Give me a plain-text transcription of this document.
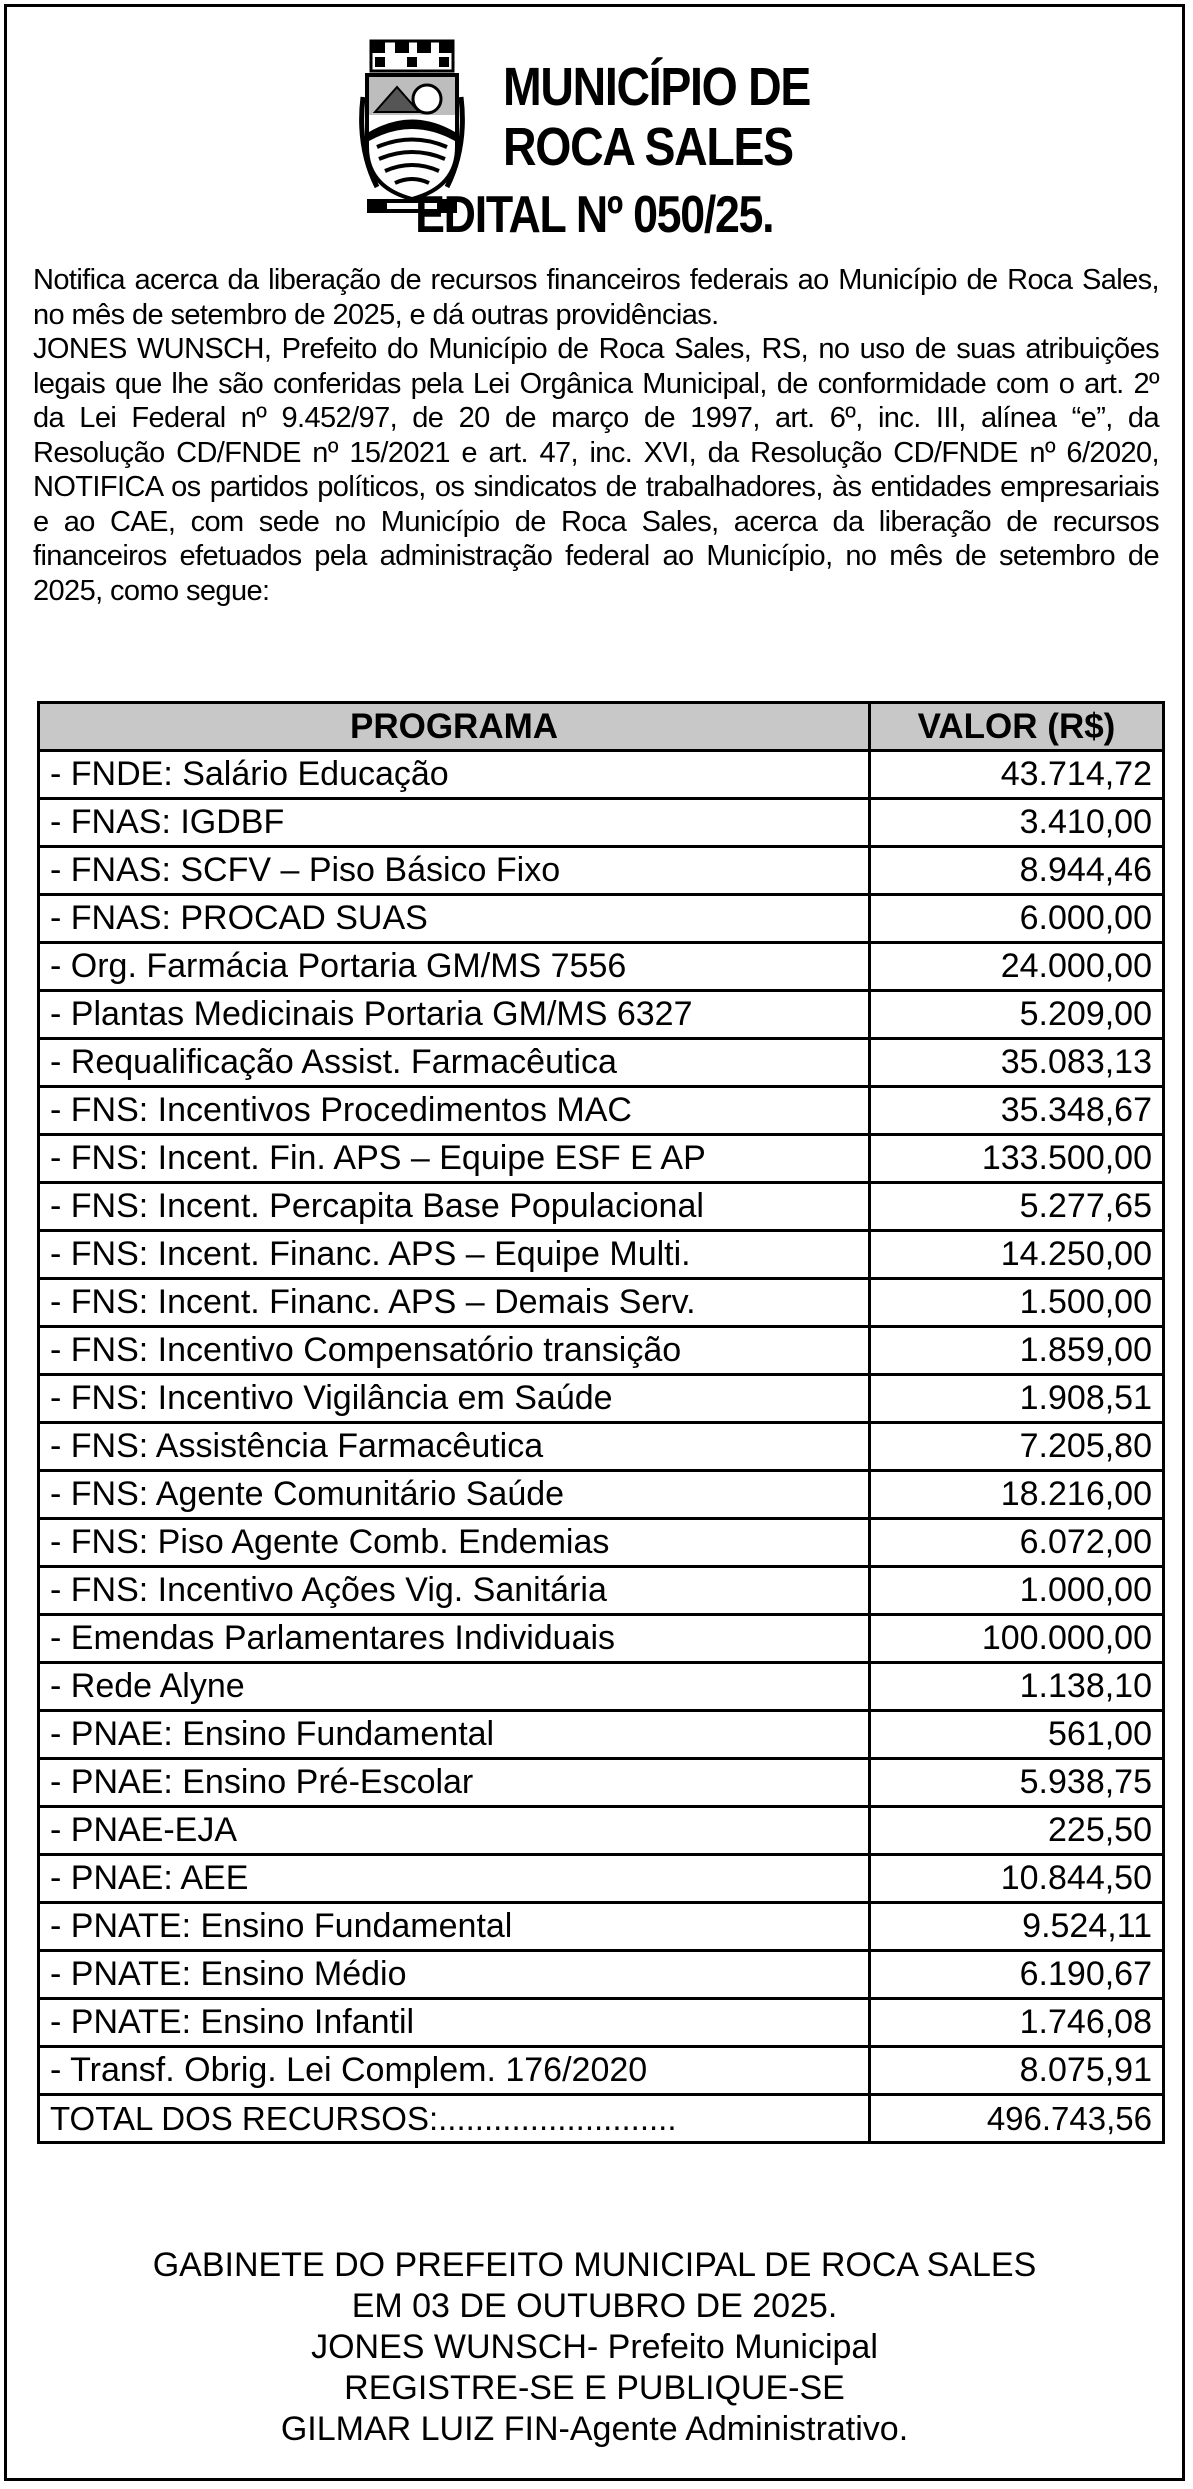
MUNICÍPIO DE
ROCA SALES
EDITAL Nº 050/25.

Notifica acerca da liberação de recursos financeiros federais ao Município de Roca Sales, no mês de setembro de 2025, e dá outras providências.

JONES WUNSCH, Prefeito do Município de Roca Sales, RS, no uso de suas atribuições legais que lhe são conferidas pela Lei Orgânica Municipal, de conformidade com o art. 2º da Lei Federal nº 9.452/97, de 20 de março de 1997, art. 6º, inc. III, alínea “e”, da Resolução CD/FNDE nº 15/2021 e art. 47, inc. XVI, da Resolução CD/FNDE nº 6/2020, NOTIFICA os partidos políticos, os sindicatos de trabalhadores, às entidades empresariais e ao CAE, com sede no Município de Roca Sales, acerca da liberação de recursos financeiros efetuados pela administração federal ao Município, no mês de setembro de 2025, como segue:

PROGRAMA	VALOR (R$)
- FNDE: Salário Educação	43.714,72
- FNAS: IGDBF	3.410,00
- FNAS: SCFV – Piso Básico Fixo	8.944,46
- FNAS: PROCAD SUAS	6.000,00
- Org. Farmácia Portaria GM/MS 7556	24.000,00
- Plantas Medicinais Portaria GM/MS 6327	5.209,00
- Requalificação Assist. Farmacêutica	35.083,13
- FNS: Incentivos Procedimentos MAC	35.348,67
- FNS: Incent. Fin. APS – Equipe ESF E AP	133.500,00
- FNS: Incent. Percapita Base Populacional	5.277,65
- FNS: Incent. Financ. APS – Equipe Multi.	14.250,00
- FNS: Incent. Financ. APS – Demais Serv.	1.500,00
- FNS: Incentivo Compensatório transição	1.859,00
- FNS: Incentivo Vigilância em Saúde	1.908,51
- FNS: Assistência Farmacêutica	7.205,80
- FNS: Agente Comunitário Saúde	18.216,00
- FNS: Piso Agente Comb. Endemias	6.072,00
- FNS: Incentivo Ações Vig. Sanitária	1.000,00
- Emendas Parlamentares Individuais	100.000,00
- Rede Alyne	1.138,10
- PNAE: Ensino Fundamental	561,00
- PNAE: Ensino Pré-Escolar	5.938,75
- PNAE-EJA	225,50
- PNAE: AEE	10.844,50
- PNATE: Ensino Fundamental	9.524,11
- PNATE: Ensino Médio	6.190,67
- PNATE: Ensino Infantil	1.746,08
- Transf. Obrig. Lei Complem. 176/2020	8.075,91
TOTAL DOS RECURSOS:..........................	496.743,56
GABINETE DO PREFEITO MUNICIPAL DE ROCA SALES
EM 03 DE OUTUBRO DE 2025.
JONES WUNSCH- Prefeito Municipal
REGISTRE-SE E PUBLIQUE-SE
GILMAR LUIZ FIN-Agente Administrativo.
